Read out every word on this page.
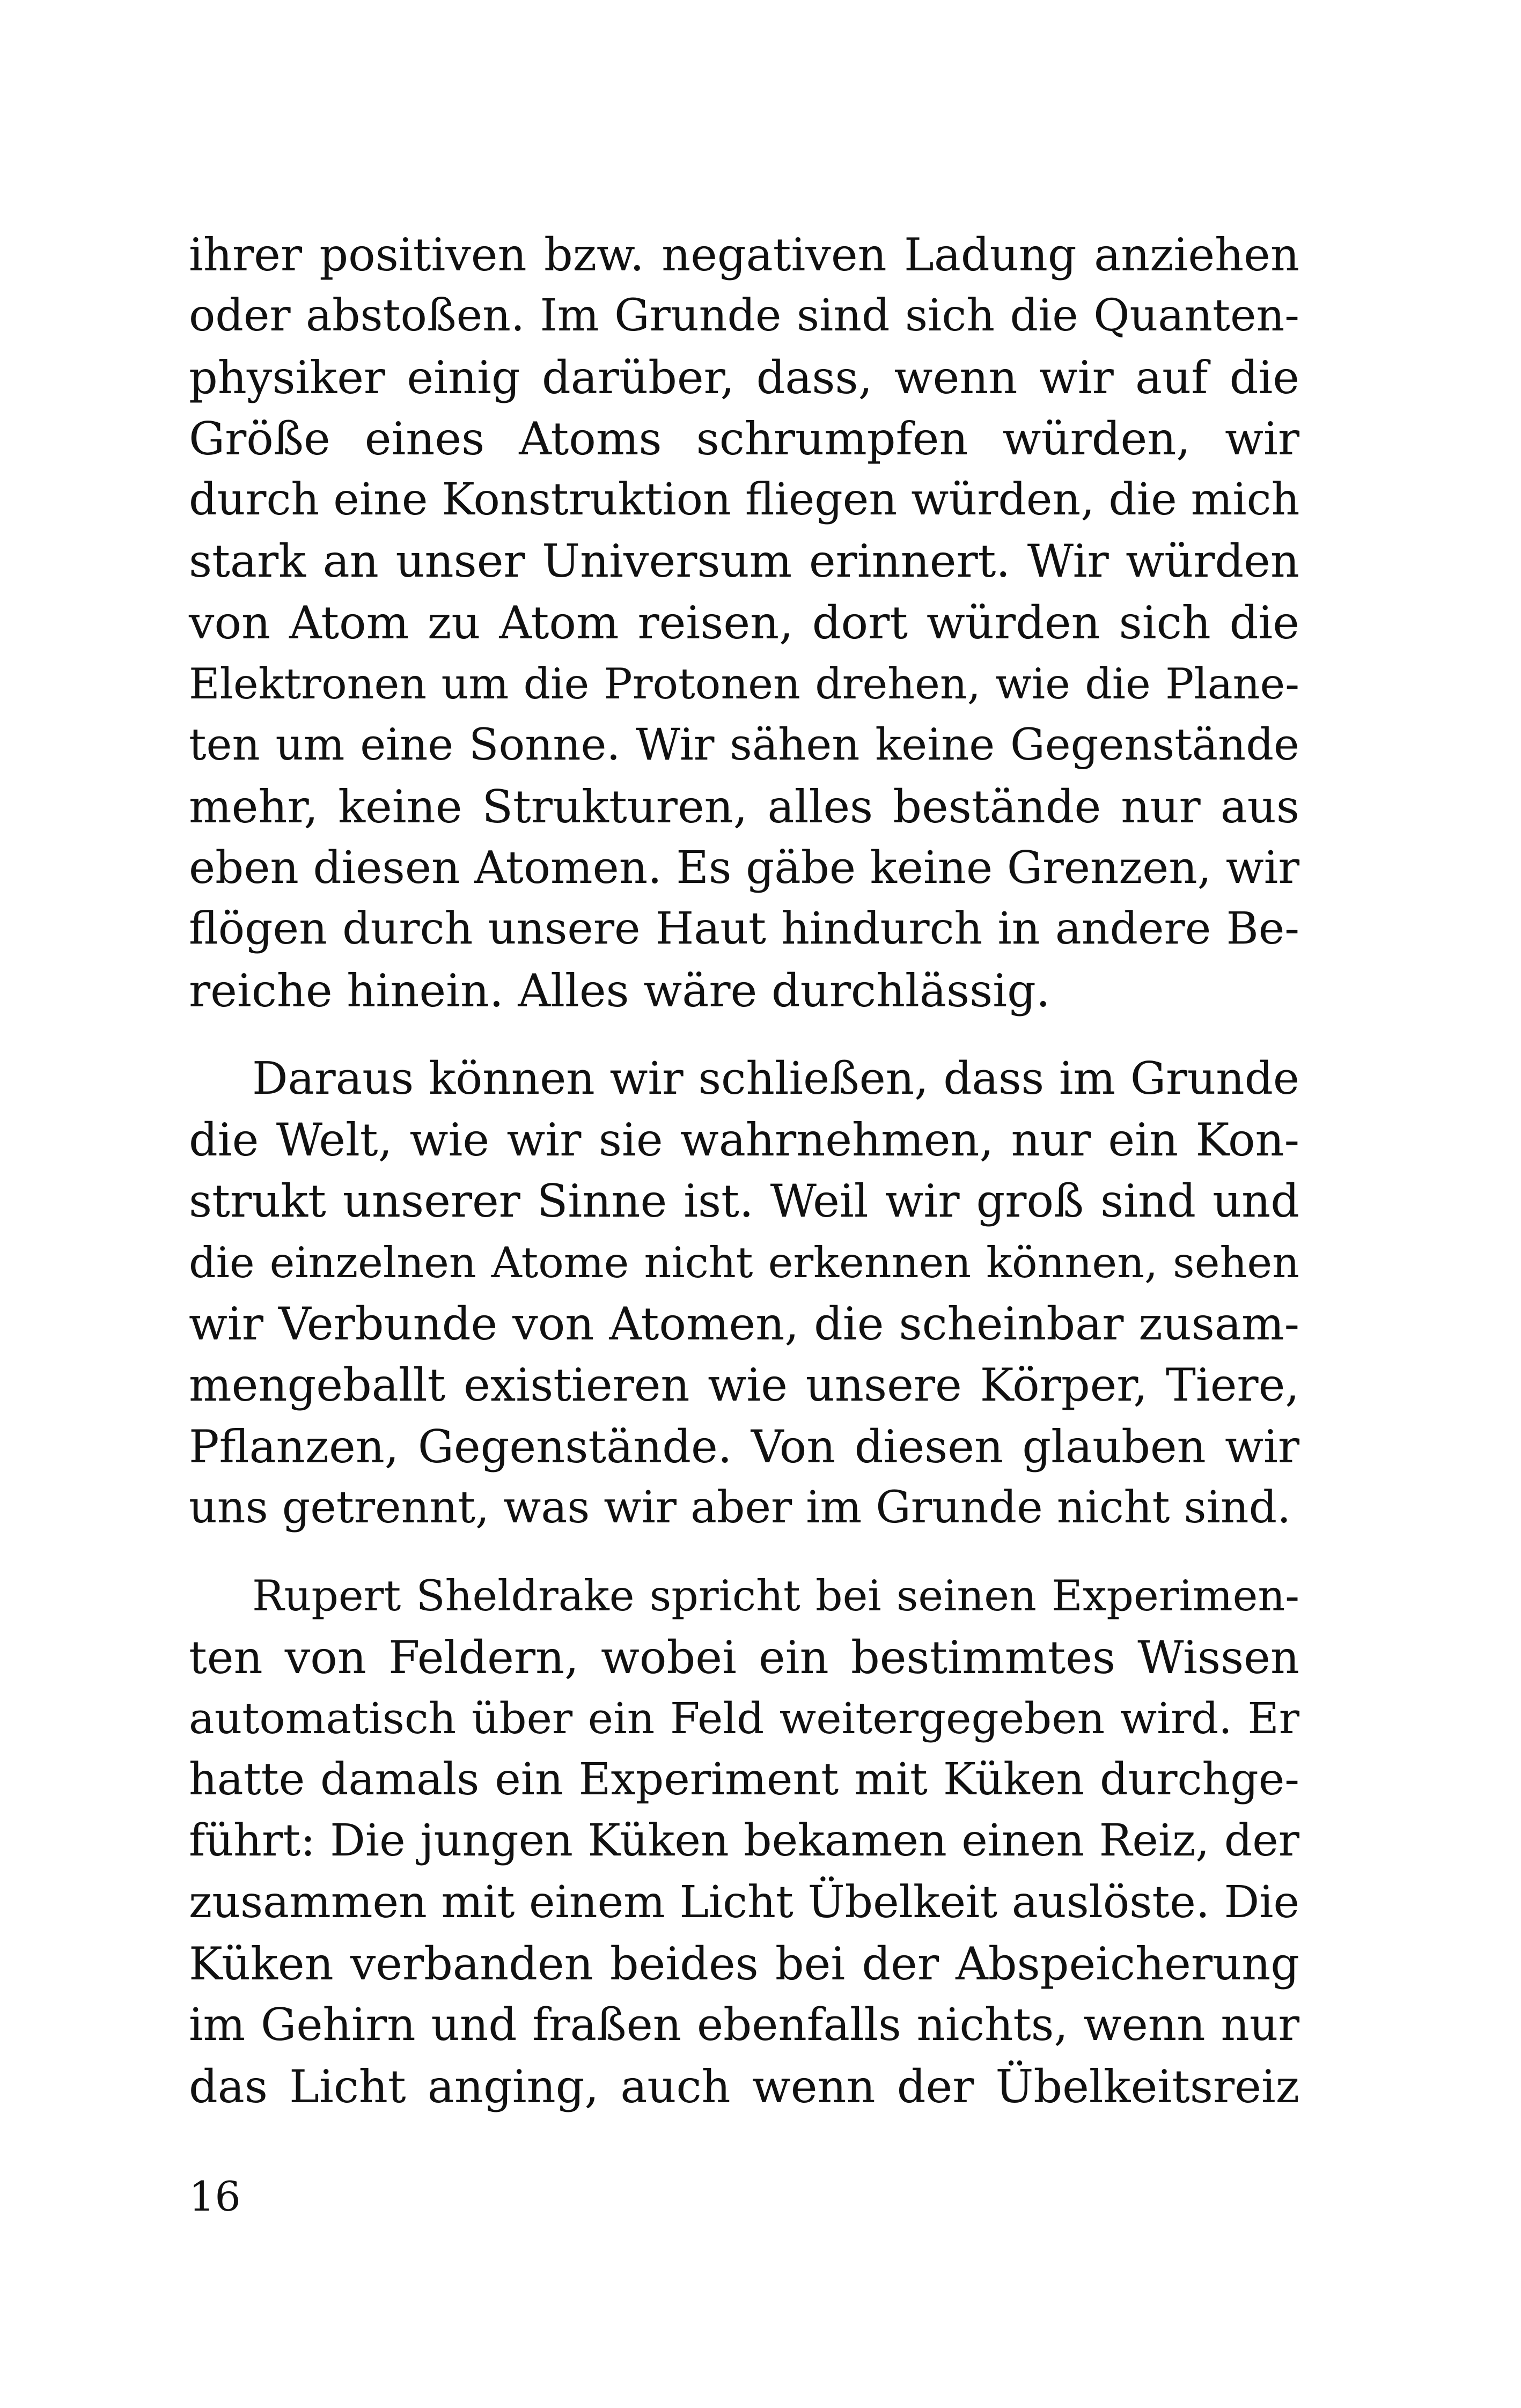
ihrer positiven bzw. negativen Ladung anziehen
oder abstoßen. Im Grunde sind sich die Quanten-
physiker einig darüber, dass, wenn wir auf die
Größe eines Atoms schrumpfen würden, wir
durch eine Konstruktion fliegen würden, die mich
stark an unser Universum erinnert. Wir würden
von Atom zu Atom reisen, dort würden sich die
Elektronen um die Protonen drehen, wie die Plane-
ten um eine Sonne. Wir sähen keine Gegenstände
mehr, keine Strukturen, alles bestände nur aus
eben diesen Atomen. Es gäbe keine Grenzen, wir
flögen durch unsere Haut hindurch in andere Be-
reiche hinein. Alles wäre durchlässig.
Daraus können wir schließen, dass im Grunde
die Welt, wie wir sie wahrnehmen, nur ein Kon-
strukt unserer Sinne ist. Weil wir groß sind und
die einzelnen Atome nicht erkennen können, sehen
wir Verbunde von Atomen, die scheinbar zusam-
mengeballt existieren wie unsere Körper, Tiere,
Pflanzen, Gegenstände. Von diesen glauben wir
uns getrennt, was wir aber im Grunde nicht sind.
Rupert Sheldrake spricht bei seinen Experimen-
ten von Feldern, wobei ein bestimmtes Wissen
automatisch über ein Feld weitergegeben wird. Er
hatte damals ein Experiment mit Küken durchge-
führt: Die jungen Küken bekamen einen Reiz, der
zusammen mit einem Licht Übelkeit auslöste. Die
Küken verbanden beides bei der Abspeicherung
im Gehirn und fraßen ebenfalls nichts, wenn nur
das Licht anging, auch wenn der Übelkeitsreiz
16
